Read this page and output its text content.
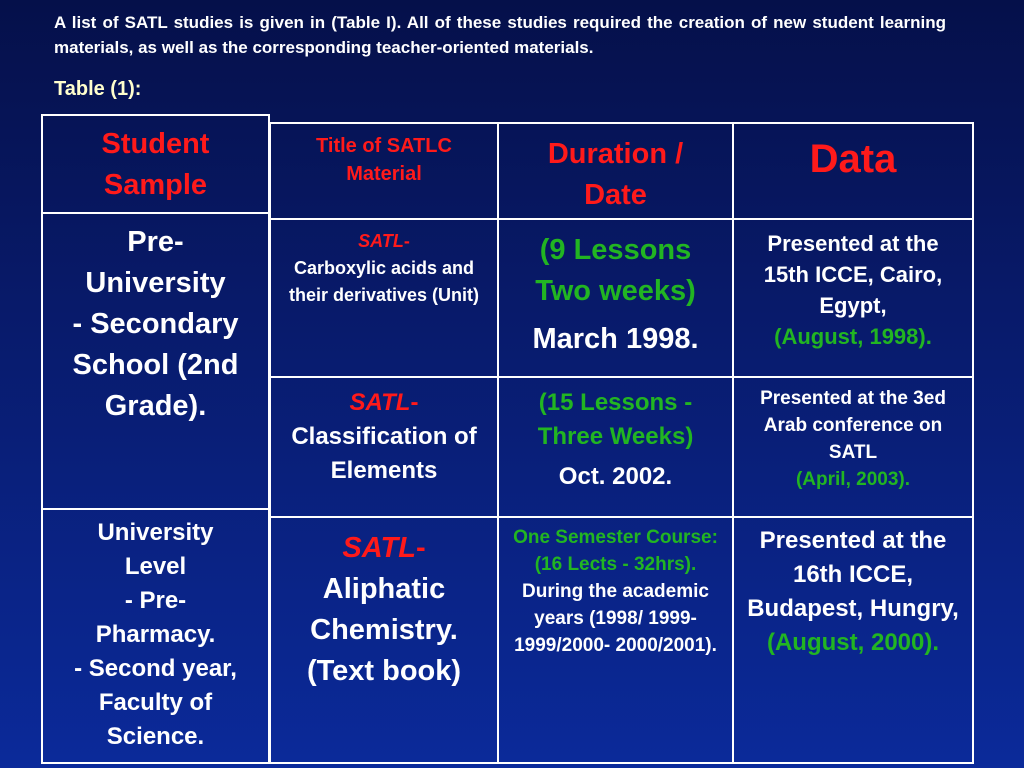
A list of SATL studies is given in (Table I). All of these studies required the creation of new student learning materials, as well as the corresponding teacher-oriented materials.
Table (1):
Student Sample
Pre-
University
- Secondary
School (2nd
Grade).
University
Level
- Pre-
Pharmacy.
- Second year,
Faculty of
Science.
Title of SATLC Material
Duration / Date
Data
SATL-
Carboxylic acids and their derivatives (Unit)
(9 Lessons Two weeks)
March 1998.
Presented at the 15th ICCE, Cairo, Egypt,
(August, 1998).
SATL-
Classification of Elements
(15 Lessons - Three Weeks)
Oct. 2002.
Presented at the 3ed Arab conference on SATL
(April, 2003).
SATL-
Aliphatic Chemistry. (Text book)
One Semester Course: (16 Lects - 32hrs).
During the academic years (1998/ 1999- 1999/2000- 2000/2001).
Presented at the 16th ICCE, Budapest, Hungry,
(August, 2000).
